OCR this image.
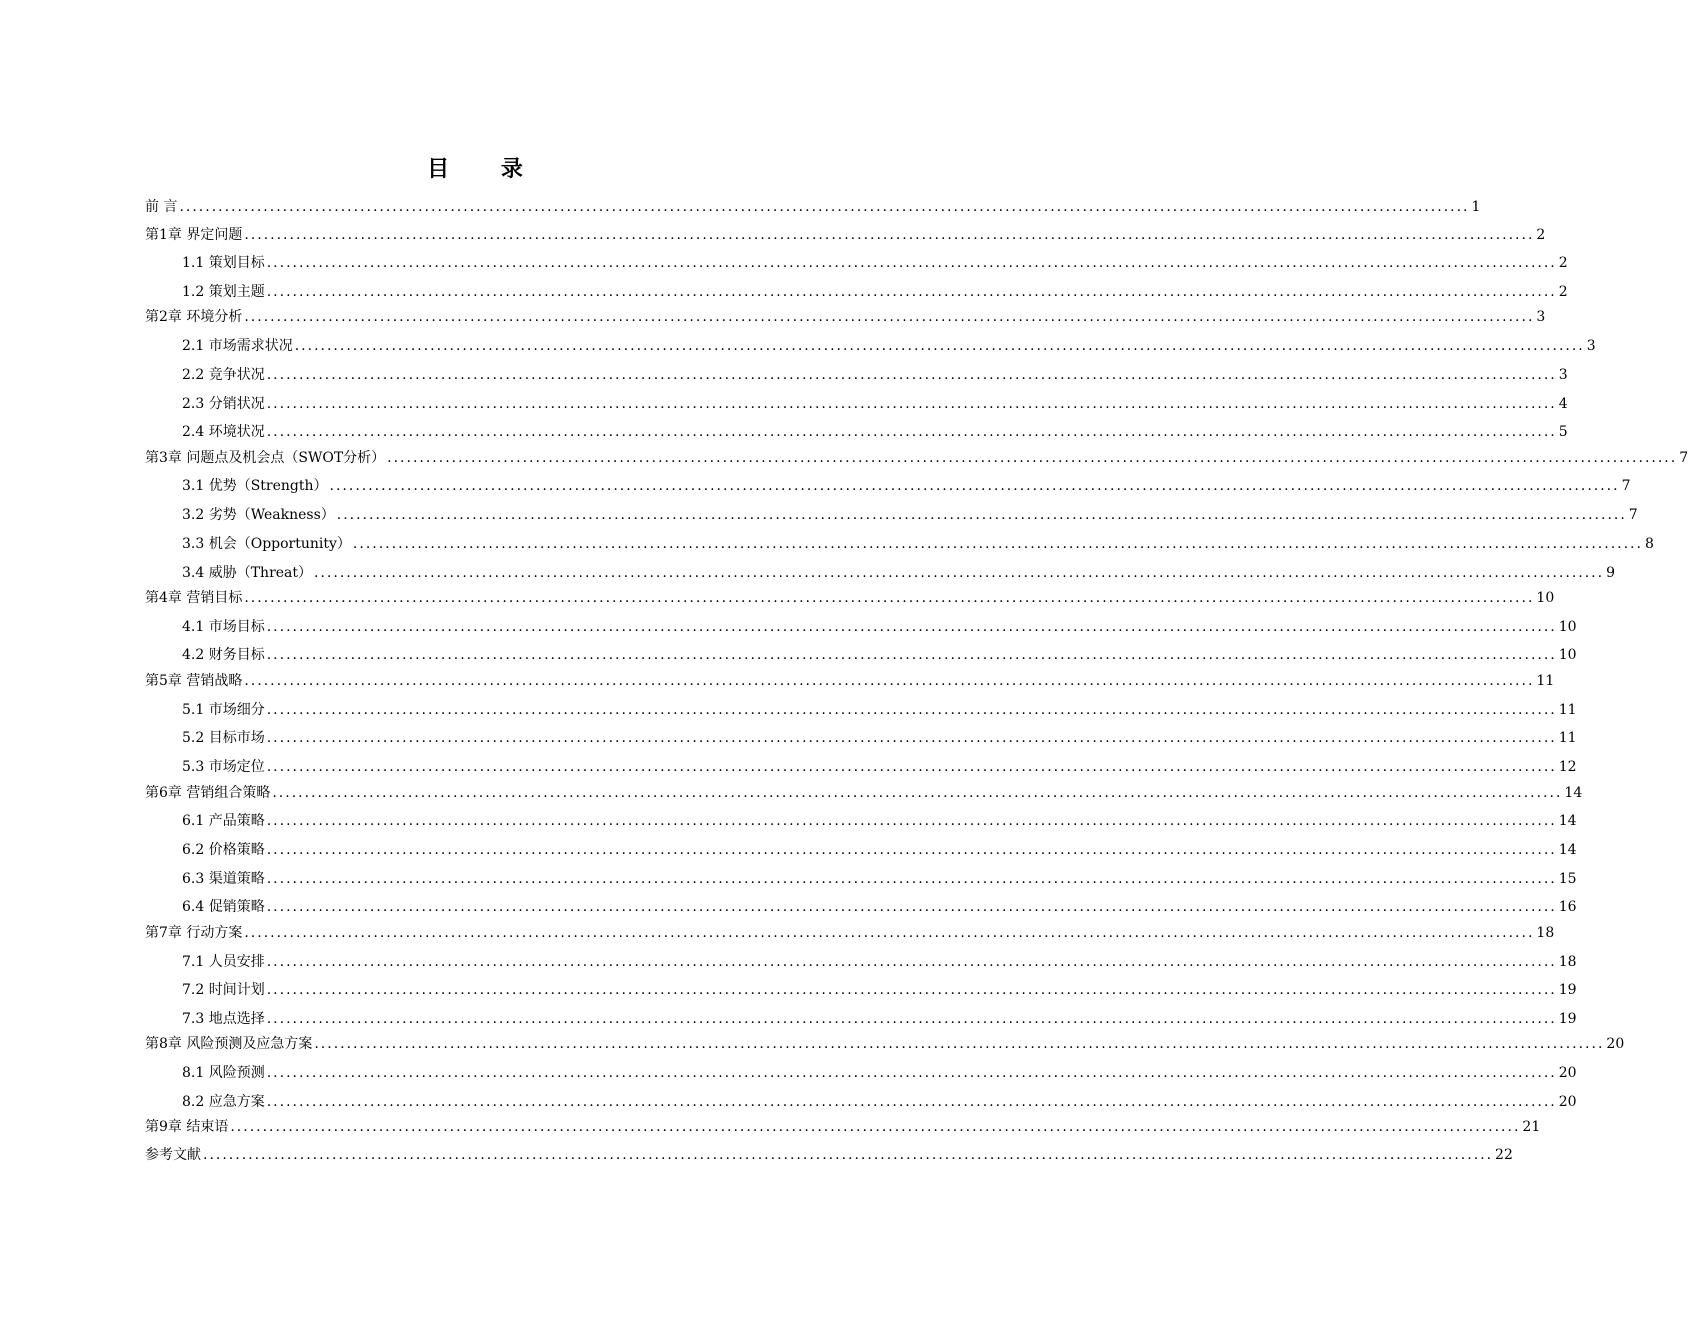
目 录
前 言 ........................................................................................................................................................................................................ 1
第1章 界定问题 ........................................................................................................................................................................................................ 2
1.1 策划目标 ........................................................................................................................................................................................................ 2
1.2 策划主题 ........................................................................................................................................................................................................ 2
第2章 环境分析 ........................................................................................................................................................................................................ 3
2.1 市场需求状况 ........................................................................................................................................................................................................ 3
2.2 竞争状况 ........................................................................................................................................................................................................ 3
2.3 分销状况 ........................................................................................................................................................................................................ 4
2.4 环境状况 ........................................................................................................................................................................................................ 5
第3章 问题点及机会点（SWOT分析） ........................................................................................................................................................................................................ 7
3.1 优势（Strength） ........................................................................................................................................................................................................ 7
3.2 劣势（Weakness） ........................................................................................................................................................................................................ 7
3.3 机会（Opportunity） ........................................................................................................................................................................................................ 8
3.4 威胁（Threat） ........................................................................................................................................................................................................ 9
第4章 营销目标 ........................................................................................................................................................................................................ 10
4.1 市场目标 ........................................................................................................................................................................................................ 10
4.2 财务目标 ........................................................................................................................................................................................................ 10
第5章 营销战略 ........................................................................................................................................................................................................ 11
5.1 市场细分 ........................................................................................................................................................................................................ 11
5.2 目标市场 ........................................................................................................................................................................................................ 11
5.3 市场定位 ........................................................................................................................................................................................................ 12
第6章 营销组合策略 ........................................................................................................................................................................................................ 14
6.1 产品策略 ........................................................................................................................................................................................................ 14
6.2 价格策略 ........................................................................................................................................................................................................ 14
6.3 渠道策略 ........................................................................................................................................................................................................ 15
6.4 促销策略 ........................................................................................................................................................................................................ 16
第7章 行动方案 ........................................................................................................................................................................................................ 18
7.1 人员安排 ........................................................................................................................................................................................................ 18
7.2 时间计划 ........................................................................................................................................................................................................ 19
7.3 地点选择 ........................................................................................................................................................................................................ 19
第8章 风险预测及应急方案 ........................................................................................................................................................................................................ 20
8.1 风险预测 ........................................................................................................................................................................................................ 20
8.2 应急方案 ........................................................................................................................................................................................................ 20
第9章 结束语 ........................................................................................................................................................................................................ 21
参考文献 ........................................................................................................................................................................................................ 22
